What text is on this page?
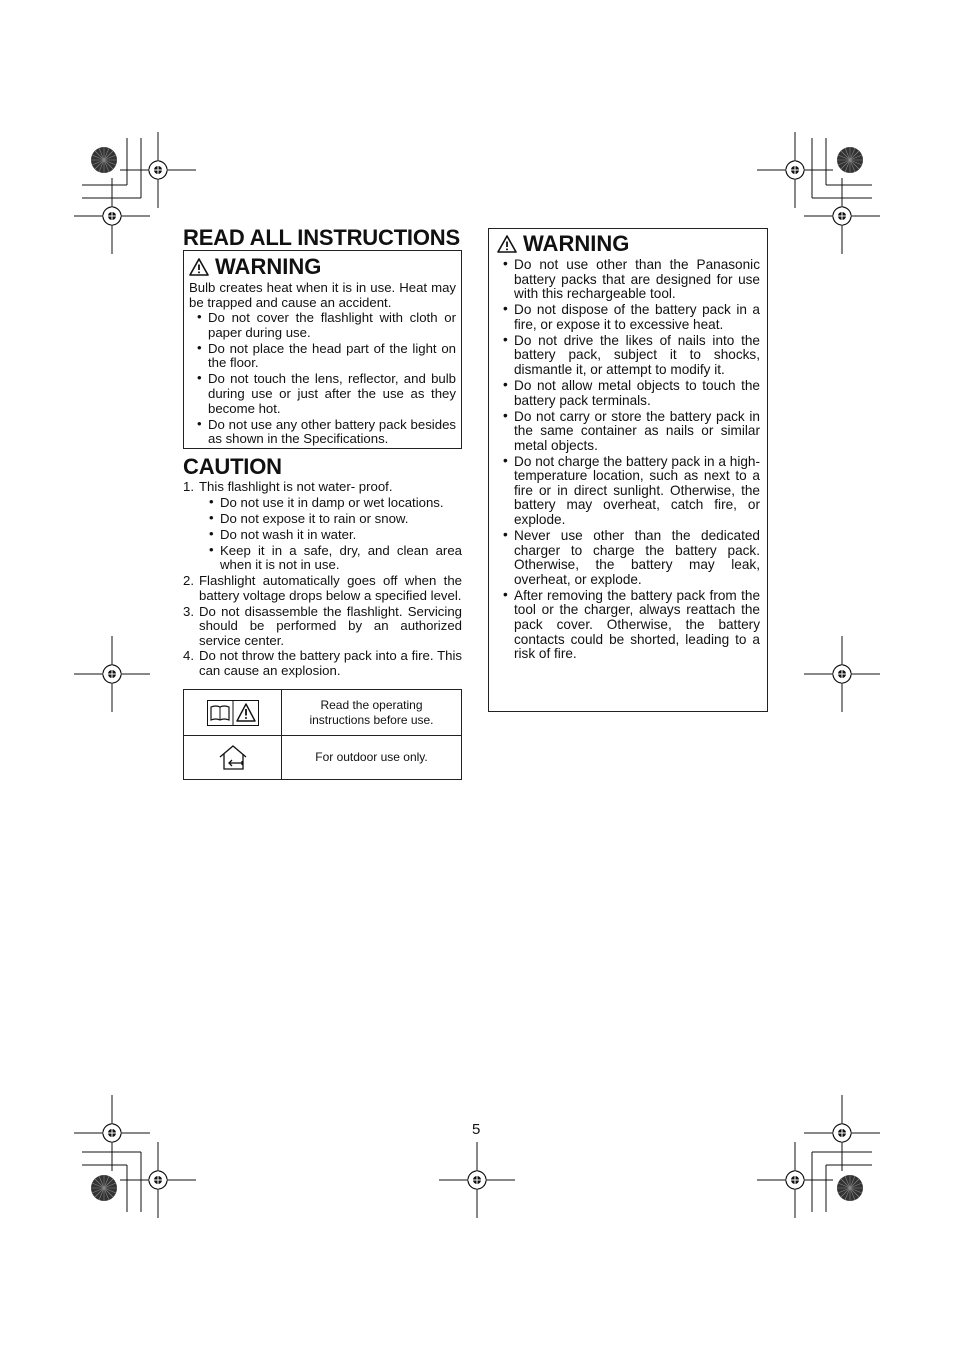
READ ALL INSTRUCTIONS
WARNING
Bulb creates heat when it is in use. Heat may be trapped and cause an accident.
• Do not cover the flashlight with cloth or paper during use.
• Do not place the head part of the light on the floor.
• Do not touch the lens, reflector, and bulb during use or just after the use as they become hot.
• Do not use any other battery pack besides as shown in the Specifications.
CAUTION
1. This flashlight is not water- proof.
• Do not use it in damp or wet locations.
• Do not expose it to rain or snow.
• Do not wash it in water.
• Keep it in a safe, dry, and clean area when it is not in use.
2. Flashlight automatically goes off when the battery voltage drops below a specified level.
3. Do not disassemble the flashlight. Servicing should be performed by an authorized service center.
4. Do not throw the battery pack into a fire. This can cause an explosion.
	Read the operating instructions before use.

	For outdoor use only.
WARNING
• Do not use other than the Panasonic battery packs that are designed for use with this rechargeable tool.
• Do not dispose of the battery pack in a fire, or expose it to excessive heat.
• Do not drive the likes of nails into the battery pack, subject it to shocks, dismantle it, or attempt to modify it.
• Do not allow metal objects to touch the battery pack terminals.
• Do not carry or store the battery pack in the same container as nails or similar metal objects.
• Do not charge the battery pack in a high-temperature location, such as next to a fire or in direct sunlight. Otherwise, the battery may overheat, catch fire, or explode.
• Never use other than the dedicated charger to charge the battery pack. Otherwise, the battery may leak, overheat, or explode.
• After removing the battery pack from the tool or the charger, always reattach the pack cover. Otherwise, the battery contacts could be shorted, leading to a risk of fire.
5
